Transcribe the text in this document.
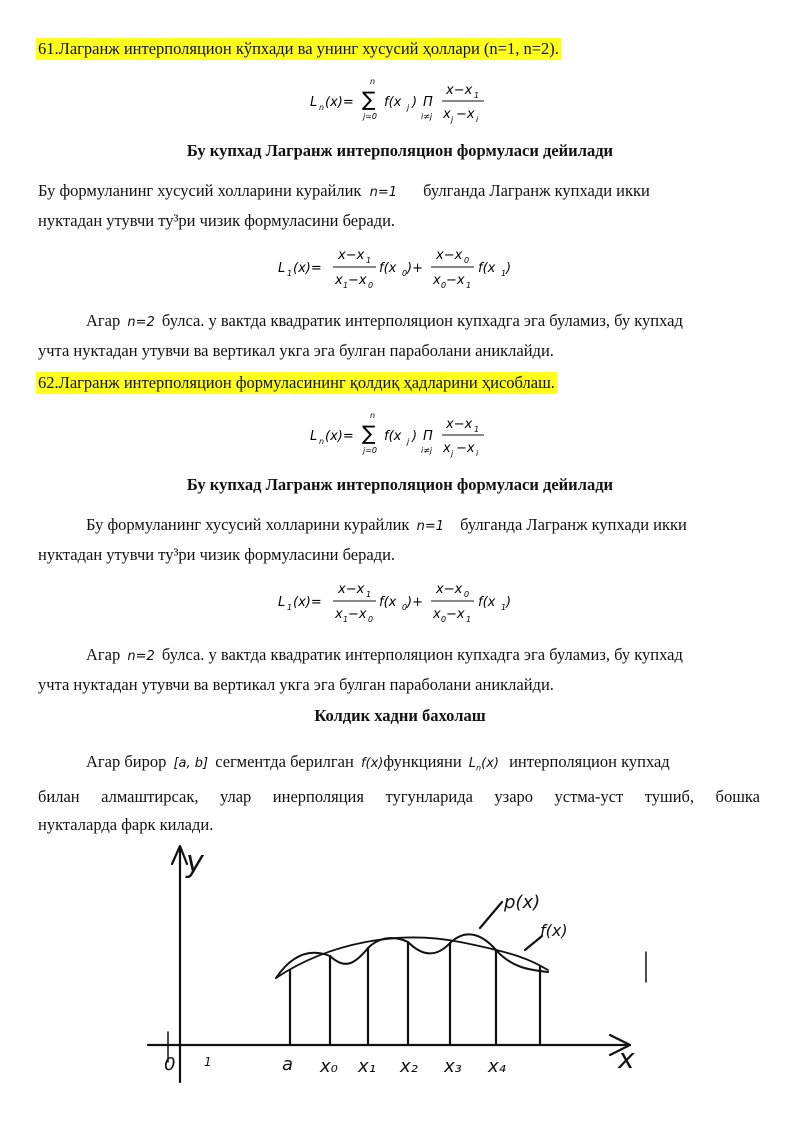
61.Лагранж интерполяцион кўпхади ва унинг хусусий ҳоллари (n=1, n=2).
L n (x)=
n
∑
j=0
f(x j ) Π
i≠j
x−x 1
x j −x i
Бу купхад Лагранж интерполяцион формуласи дейилади
Бу формуланинг хусусий холларини курайлик n=1 булганда Лагранж купхади икки
нуктадан утувчи ту³ри чизик формуласини беради.
L 1 (x)=
x−x 1
x 1 −x 0
f(x 0 )+
x−x 0
x 0 −x 1
f(x 1 )
Агар n=2 булса. у вактда квадратик интерполяцион купхадга эга буламиз, бу купхад
учта нуктадан утувчи ва вертикал укга эга булган параболани аниклайди.
62.Лагранж интерполяцион формуласининг қолдиқ ҳадларини ҳисоблаш.
L n (x)=
n
∑
j=0
f(x j ) Π
i≠j
x−x 1
x j −x i
Бу купхад Лагранж интерполяцион формуласи дейилади
Бу формуланинг хусусий холларини курайлик n=1 булганда Лагранж купхади икки
нуктадан утувчи ту³ри чизик формуласини беради.
L 1 (x)=
x−x 1
x 1 −x 0
f(x 0 )+
x−x 0
x 0 −x 1
f(x 1 )
Агар n=2 булса. у вактда квадратик интерполяцион купхадга эга буламиз, бу купхад
учта нуктадан утувчи ва вертикал укга эга булган параболани аниклайди.
Колдик хадни бахолаш
Агар бирор [a, b] сегментда берилган f(x)функцияни $L_n(x)$ интерполяцион купхад
билан алмаштирсак, улар инерполяция тугунларида узаро устма-уст тушиб, бошка
нукталарда фарк килади.
y
x
0 1	a x₀ x₁ x₂ x₃ x₄
p(x)
f(x)
